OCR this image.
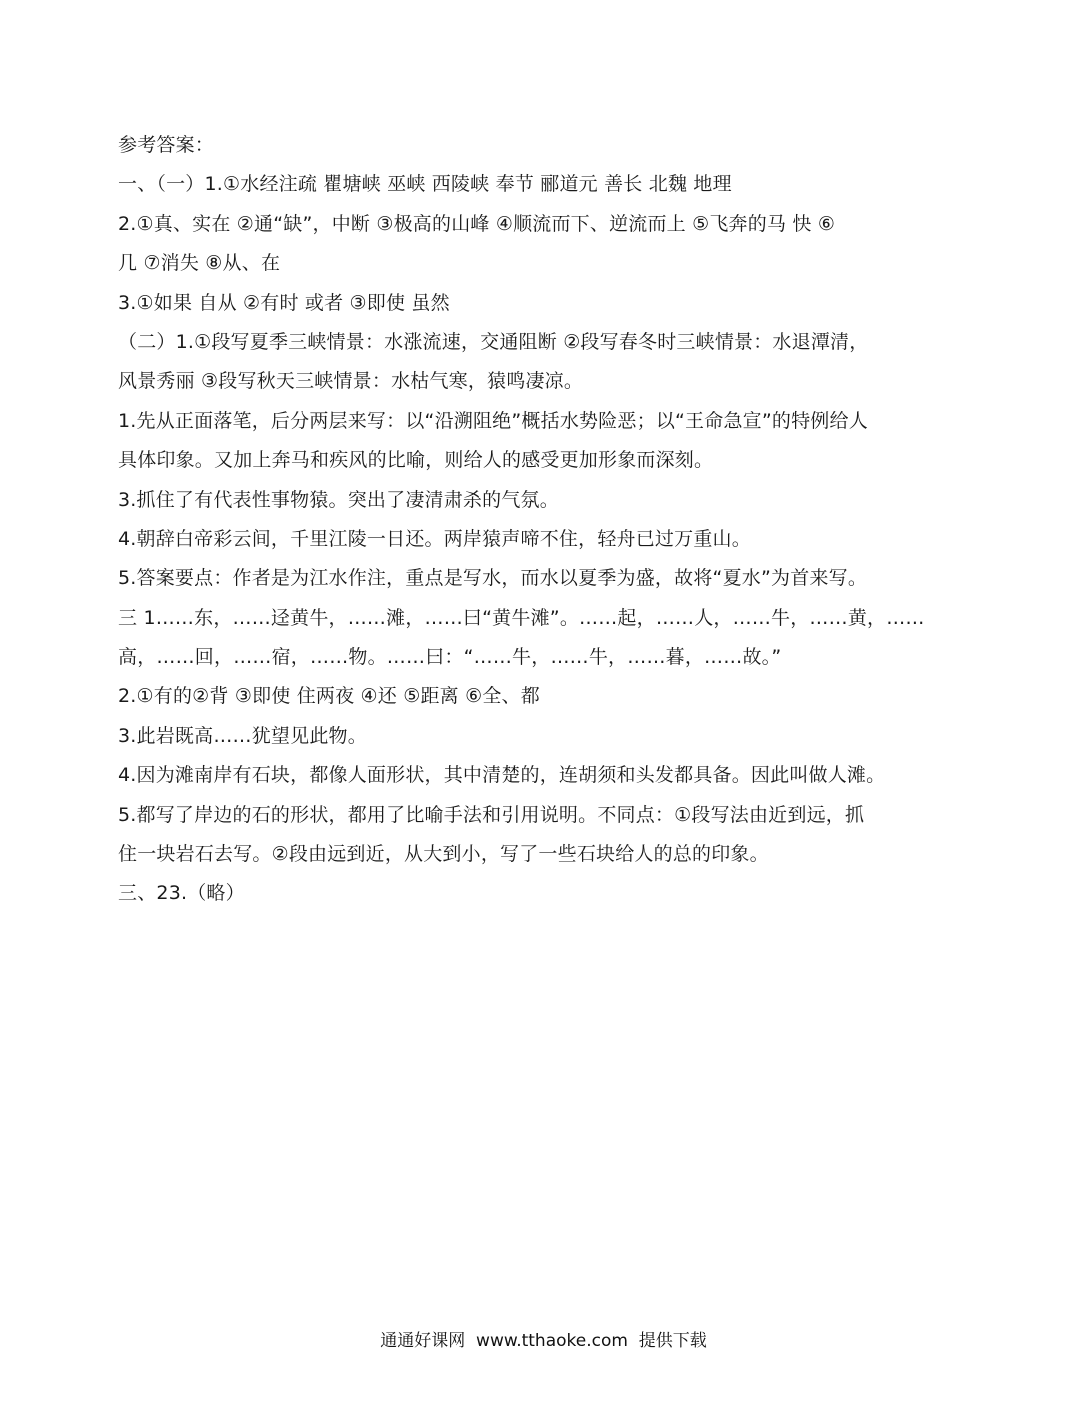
参考答案：
一、（一）1.①水经注疏 瞿塘峡 巫峡 西陵峡 奉节 郦道元 善长 北魏 地理
2.①真、实在 ②通“缺”，中断 ③极高的山峰 ④顺流而下、逆流而上 ⑤飞奔的马 快 ⑥
几 ⑦消失 ⑧从、在
3.①如果 自从 ②有时 或者 ③即使 虽然
（二）1.①段写夏季三峡情景：水涨流速，交通阻断 ②段写春冬时三峡情景：水退潭清，
风景秀丽 ③段写秋天三峡情景：水枯气寒，猿鸣凄凉。
1.先从正面落笔，后分两层来写：以“沿溯阻绝”概括水势险恶；以“王命急宣”的特例给人
具体印象。又加上奔马和疾风的比喻，则给人的感受更加形象而深刻。
3.抓住了有代表性事物猿。突出了凄清肃杀的气氛。
4.朝辞白帝彩云间，千里江陵一日还。两岸猿声啼不住，轻舟已过万重山。
5.答案要点：作者是为江水作注，重点是写水，而水以夏季为盛，故将“夏水”为首来写。
三 1……东，……迳黄牛，……滩，……曰“黄牛滩”。……起，……人，……牛，……黄，……
高，……回，……宿，……物。……曰：“……牛，……牛，……暮，……故。”
2.①有的②背 ③即使 住两夜 ④还 ⑤距离 ⑥全、都
3.此岩既高……犹望见此物。
4.因为滩南岸有石块，都像人面形状，其中清楚的，连胡须和头发都具备。因此叫做人滩。
5.都写了岸边的石的形状，都用了比喻手法和引用说明。不同点：①段写法由近到远，抓
住一块岩石去写。②段由远到近，从大到小，写了一些石块给人的总的印象。
三、23.（略）
通通好课网  www.tthaoke.com  提供下载
